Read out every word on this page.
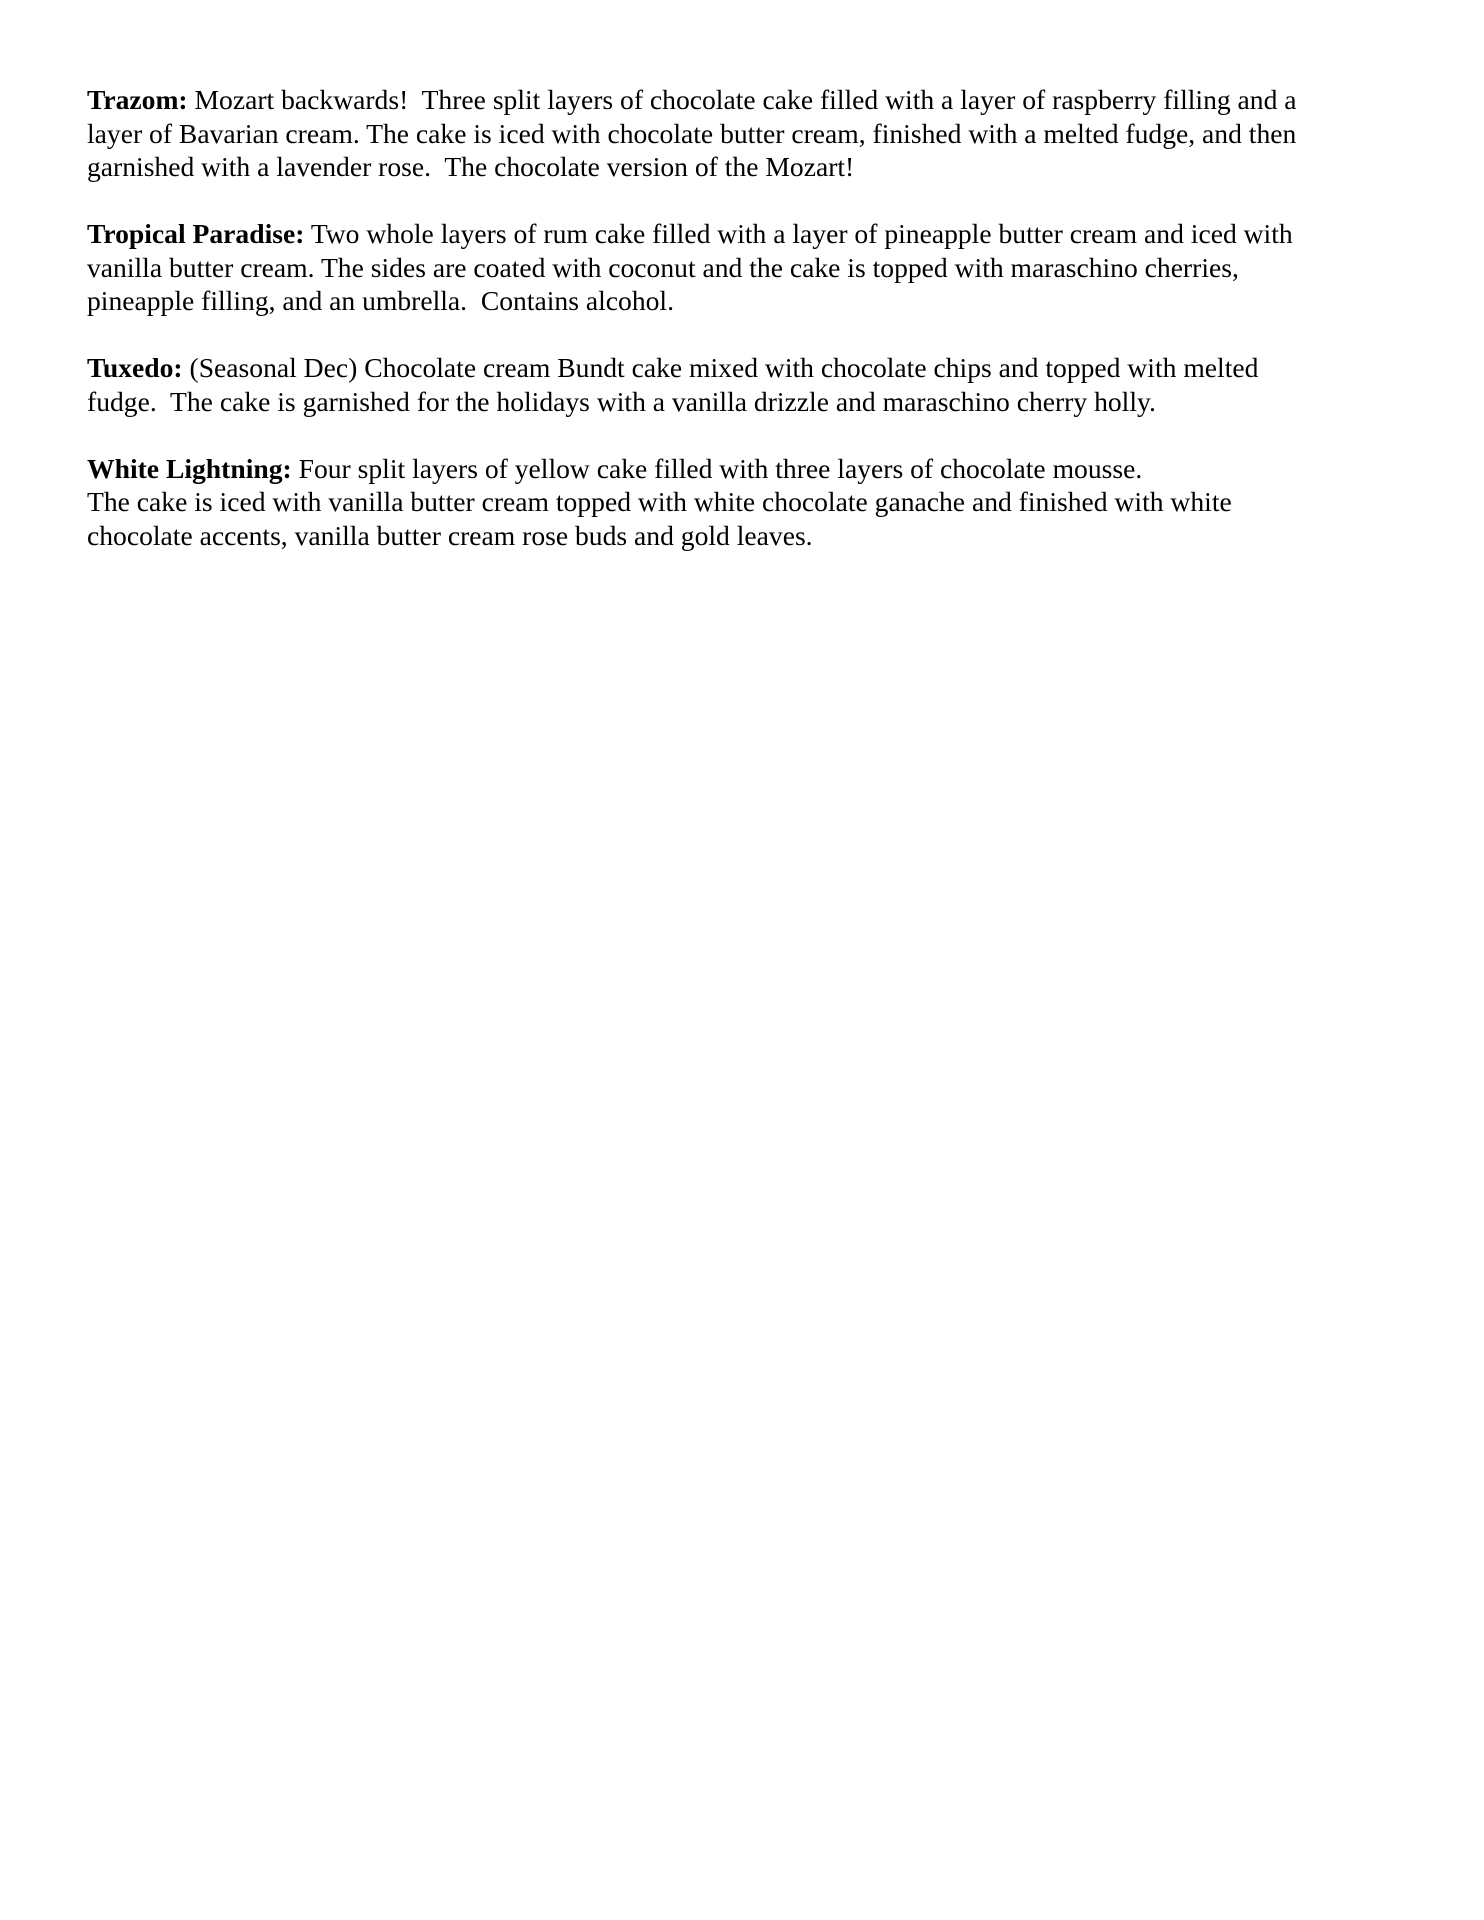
Trazom: Mozart backwards!  Three split layers of chocolate cake filled with a layer of raspberry filling and a
layer of Bavarian cream. The cake is iced with chocolate butter cream, finished with a melted fudge, and then
garnished with a lavender rose.  The chocolate version of the Mozart!
Tropical Paradise: Two whole layers of rum cake filled with a layer of pineapple butter cream and iced with
vanilla butter cream. The sides are coated with coconut and the cake is topped with maraschino cherries,
pineapple filling, and an umbrella.  Contains alcohol.
Tuxedo: (Seasonal Dec) Chocolate cream Bundt cake mixed with chocolate chips and topped with melted
fudge.  The cake is garnished for the holidays with a vanilla drizzle and maraschino cherry holly.
White Lightning: Four split layers of yellow cake filled with three layers of chocolate mousse.
The cake is iced with vanilla butter cream topped with white chocolate ganache and finished with white
chocolate accents, vanilla butter cream rose buds and gold leaves.
